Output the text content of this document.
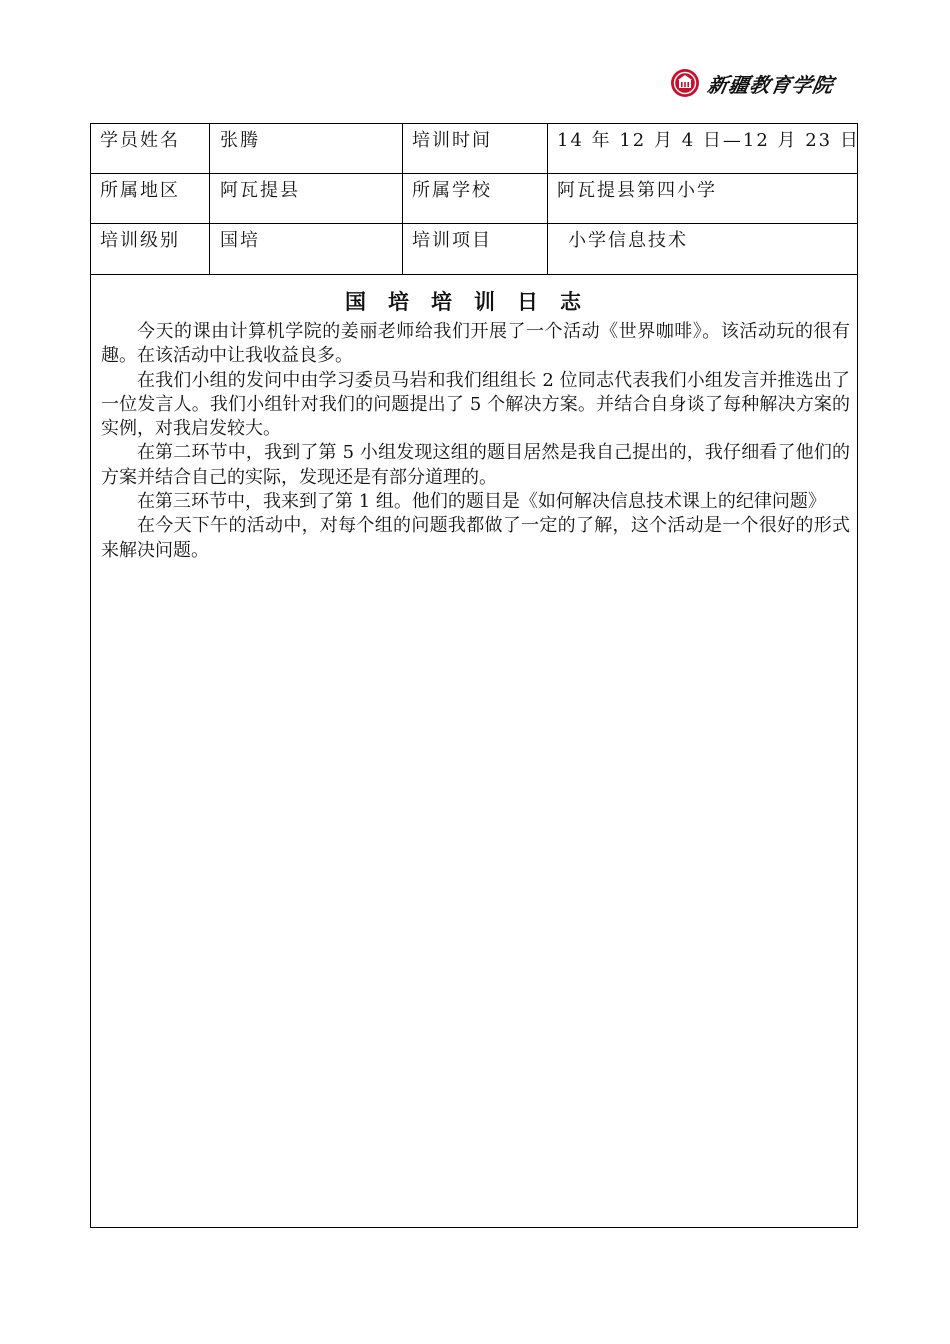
新疆教育学院
学员姓名	张腾	培训时间	14 年 12 月 4 日—12 月 23 日
所属地区	阿瓦提县	所属学校	阿瓦提县第四小学
培训级别	国培	培训项目	小学信息技术
国培培训日志

今天的课由计算机学院的姜丽老师给我们开展了一个活动《世界咖啡》。该活动玩的很有趣。在该活动中让我收益良多。

在我们小组的发问中由学习委员马岩和我们组组长 2 位同志代表我们小组发言并推选出了一位发言人。我们小组针对我们的问题提出了 5 个解决方案。并结合自身谈了每种解决方案的实例，对我启发较大。

在第二环节中，我到了第 5 小组发现这组的题目居然是我自己提出的，我仔细看了他们的方案并结合自己的实际，发现还是有部分道理的。

在第三环节中，我来到了第 1 组。他们的题目是《如何解决信息技术课上的纪律问题》

在今天下午的活动中，对每个组的问题我都做了一定的了解，这个活动是一个很好的形式来解决问题。
